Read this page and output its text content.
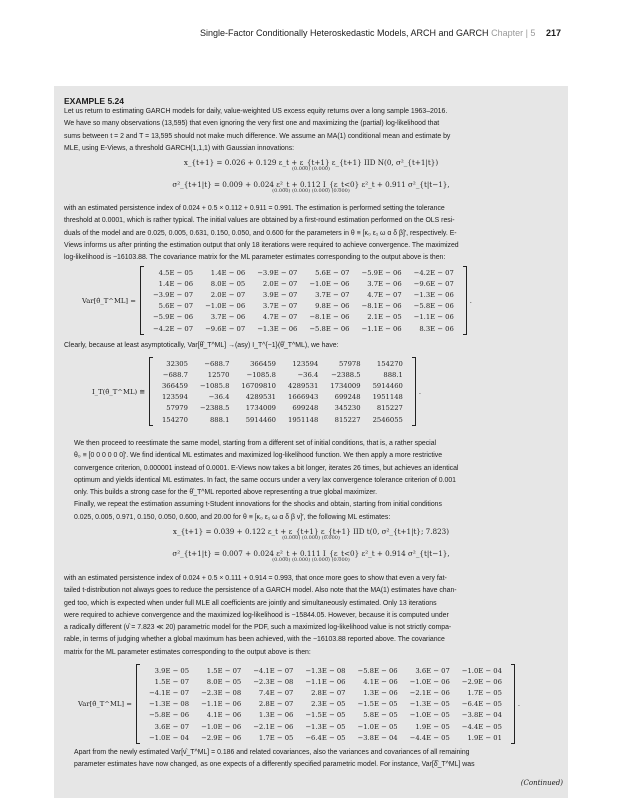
Single-Factor Conditionally Heteroskedastic Models, ARCH and GARCH Chapter | 5 217
EXAMPLE 5.24
Let us return to estimating GARCH models for daily, value-weighted US excess equity returns over a long sample 1963–2016.
We have so many observations (13,595) that even ignoring the very first one and maximizing the (partial) log-likelihood that
sums between t = 2 and T = 13,595 should not make much difference. We assume an MA(1) conditional mean and estimate by
MLE, using E-Views, a threshold GARCH(1,1,1) with Gaussian innovations:
x_{t+1} = 0.026 + 0.129 ε_t + ε_{t+1} ε_{t+1} IID N(0, σ²_{t+1|t})
(0.000) (0.000)
σ²_{t+1|t} = 0.009 + 0.024 ε²_t + 0.112 I_{ε_t<0} ε²_t + 0.911 σ²_{t|t−1},
(0.000) (0.000) (0.000) (0.000)
with an estimated persistence index of 0.024 + 0.5 × 0.112 + 0.911 = 0.991. The estimation is performed setting the tolerance
threshold at 0.0001, which is rather typical. The initial values are obtained by a first-round estimation performed on the OLS resi-
duals of the model and are 0.025, 0.005, 0.631, 0.150, 0.050, and 0.600 for the parameters in θ ≡ [κ₀ ε₁ ω α δ β]′, respectively. E-
Views informs us after printing the estimation output that only 18 iterations were required to achieve convergence. The maximized
log-likelihood is −16103.88. The covariance matrix for the ML parameter estimates corresponding to the output above is then:
Var[θ̂_T^ML] =
4.5E − 05	1.4E − 06	−3.9E − 07	5.6E − 07	−5.9E − 06	−4.2E − 07
1.4E − 06	8.0E − 05	2.0E − 07	−1.0E − 06	3.7E − 06	−9.6E − 07
−3.9E − 07	2.0E − 07	3.9E − 07	3.7E − 07	4.7E − 07	−1.3E − 06
5.6E − 07	−1.0E − 06	3.7E − 07	9.8E − 06	−8.1E − 06	−5.8E − 06
−5.9E − 06	3.7E − 06	4.7E − 07	−8.1E − 06	2.1E − 05	−1.1E − 06
−4.2E − 07	−9.6E − 07	−1.3E − 06	−5.8E − 06	−1.1E − 06	8.3E − 06
.
Clearly, because at least asymptotically, Var[θ̂_T^ML] →(asy) I_T^{−1}(θ̂_T^ML), we have:
I_T(θ̂_T^ML) ≅
32305	−688.7	366459	123594	57978	154270
−688.7	12570	−1085.8	−36.4	−2388.5	888.1
366459	−1085.8	16709810	4289531	1734009	5914460
123594	−36.4	4289531	1666943	699248	1951148
57979	−2388.5	1734009	699248	345230	815227
154270	888.1	5914460	1951148	815227	2546055
.
We then proceed to reestimate the same model, starting from a different set of initial conditions, that is, a rather special
θ₀ ≡ [0 0 0 0 0 0]′. We find identical ML estimates and maximized log-likelihood function. We then apply a more restrictive
convergence criterion, 0.000001 instead of 0.0001. E-Views now takes a bit longer, iterates 26 times, but achieves an identical
optimum and yields identical ML estimates. In fact, the same occurs under a very lax convergence tolerance criterion of 0.001
only. This builds a strong case for the θ̂_T^ML reported above representing a true global maximizer.
Finally, we repeat the estimation assuming t-Student innovations for the shocks and obtain, starting from initial conditions
0.025, 0.005, 0.971, 0.150, 0.050, 0.600, and 20.00 for θ ≡ [κ₀ ε₁ ω α δ β ν]′, the following ML estimates:
x_{t+1} = 0.039 + 0.122 ε_t + ε_{t+1} ε_{t+1} IID t(0, σ²_{t+1|t}; 7.823)
(0.000) (0.000) (0.000)
σ²_{t+1|t} = 0.007 + 0.024 ε²_t + 0.111 I_{ε_t<0} ε²_t + 0.914 σ²_{t|t−1},
(0.000) (0.000) (0.000) (0.000)
with an estimated persistence index of 0.024 + 0.5 × 0.111 + 0.914 = 0.993, that once more goes to show that even a very fat-
tailed t-distribution not always goes to reduce the persistence of a GARCH model. Also note that the MA(1) estimates have chan-
ged too, which is expected when under full MLE all coefficients are jointly and simultaneously estimated. Only 13 iterations
were required to achieve convergence and the maximized log-likelihood is −15844.05. However, because it is computed under
a radically different (ν̂ = 7.823 ≪ 20) parametric model for the PDF, such a maximized log-likelihood value is not strictly compa-
rable, in terms of judging whether a global maximum has been achieved, with the −16103.88 reported above. The covariance
matrix for the ML parameter estimates corresponding to the output above is then:
Var[θ̂_T^ML] =
3.9E − 05	1.5E − 07	−4.1E − 07	−1.3E − 08	−5.8E − 06	3.6E − 07	−1.0E − 04
1.5E − 07	8.0E − 05	−2.3E − 08	−1.1E − 06	4.1E − 06	−1.0E − 06	−2.9E − 06
−4.1E − 07	−2.3E − 08	7.4E − 07	2.8E − 07	1.3E − 06	−2.1E − 06	1.7E − 05
−1.3E − 08	−1.1E − 06	2.8E − 07	2.3E − 05	−1.5E − 05	−1.3E − 05	−6.4E − 05
−5.8E − 06	4.1E − 06	1.3E − 06	−1.5E − 05	5.8E − 05	−1.0E − 05	−3.8E − 04
3.6E − 07	−1.0E − 06	−2.1E − 06	−1.3E − 05	−1.0E − 05	1.9E − 05	−4.4E − 05
−1.0E − 04	−2.9E − 06	1.7E − 05	−6.4E − 05	−3.8E − 04	−4.4E − 05	1.9E − 01
.
Apart from the newly estimated Var[ν̂_T^ML] = 0.186 and related covariances, also the variances and covariances of all remaining
parameter estimates have now changed, as one expects of a differently specified parametric model. For instance, Var[δ̂_T^ML] was
(Continued)
